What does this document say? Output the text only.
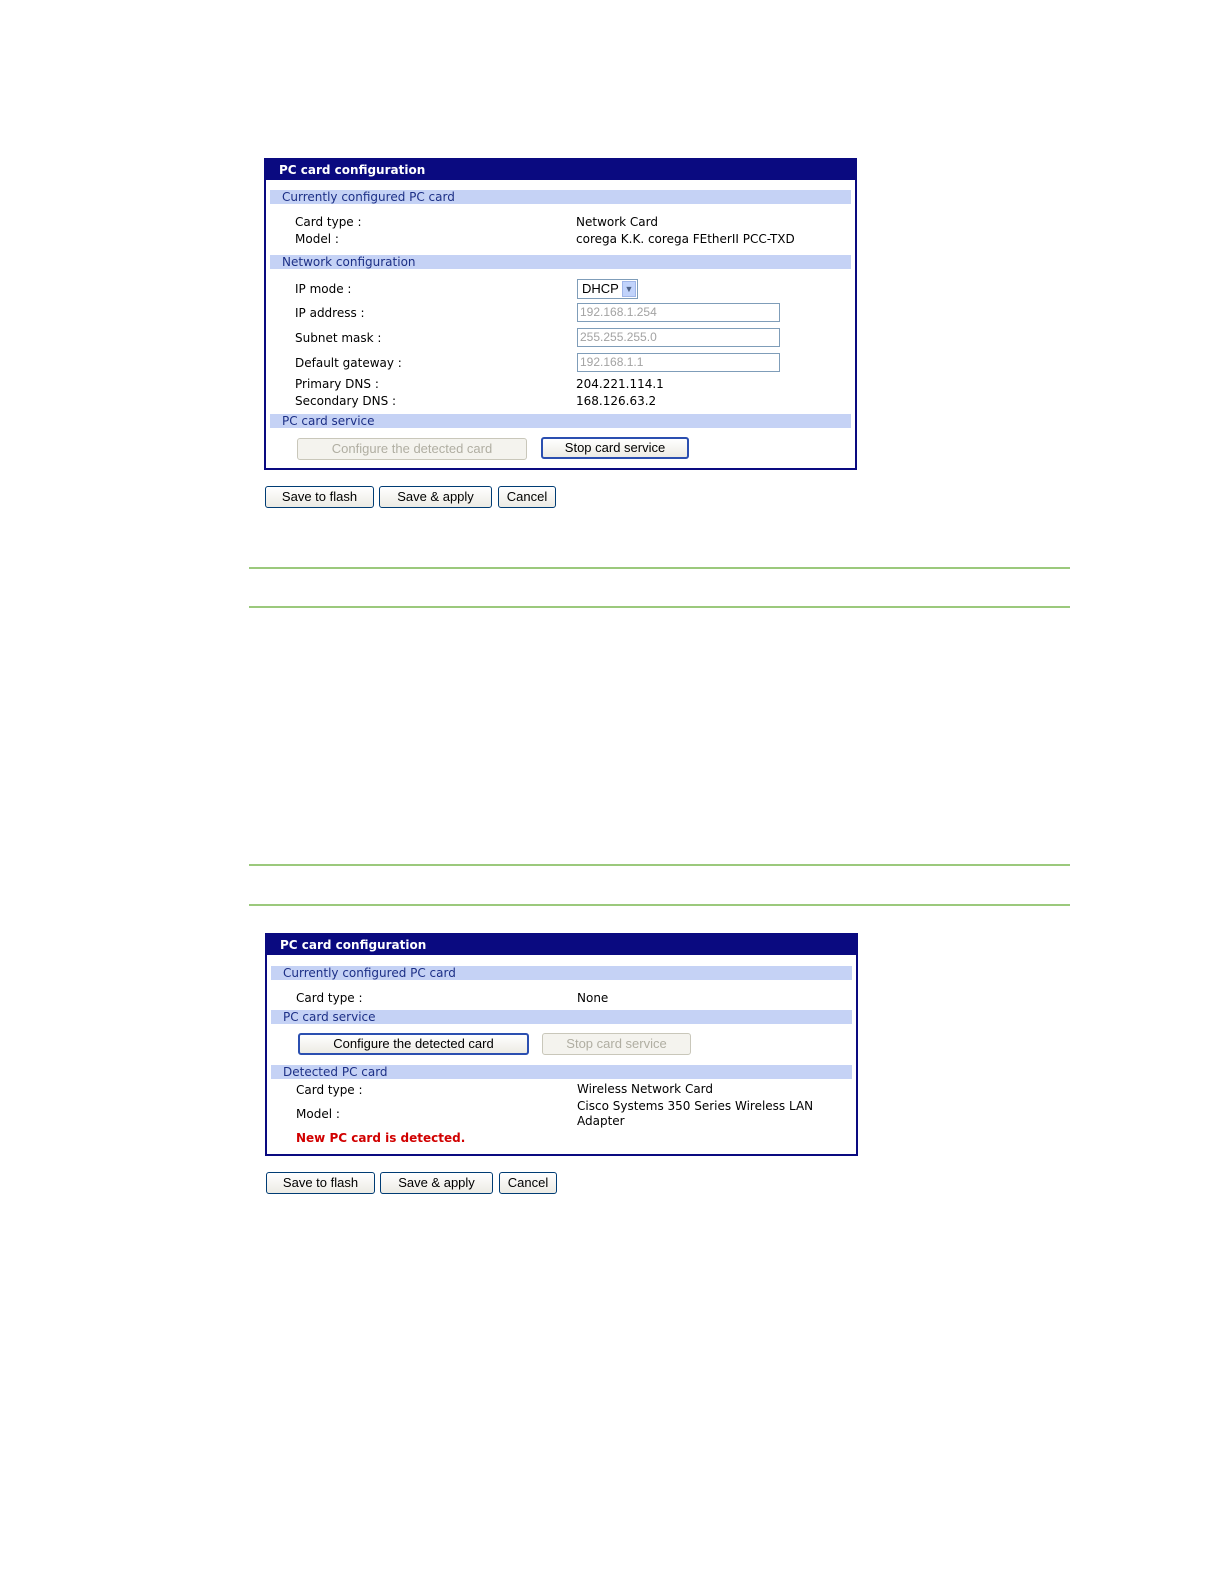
PC card configuration
Currently configured PC card
Card type :	Network Card
Model :	corega K.K. corega FEtherII PCC-TXD
Network configuration
IP mode :	DHCP ▼
IP address :	192.168.1.254
Subnet mask :	255.255.255.0
Default gateway :	192.168.1.1
Primary DNS :	204.221.114.1
Secondary DNS :	168.126.63.2
PC card service
Configure the detected card	Stop card service
Save to flash	Save & apply	Cancel
PC card configuration
Currently configured PC card
Card type :	None
PC card service
Configure the detected card	Stop card service
Detected PC card
Card type :	Wireless Network Card
Model :
Cisco Systems 350 Series Wireless LAN
Adapter
New PC card is detected.
Save to flash	Save & apply	Cancel
